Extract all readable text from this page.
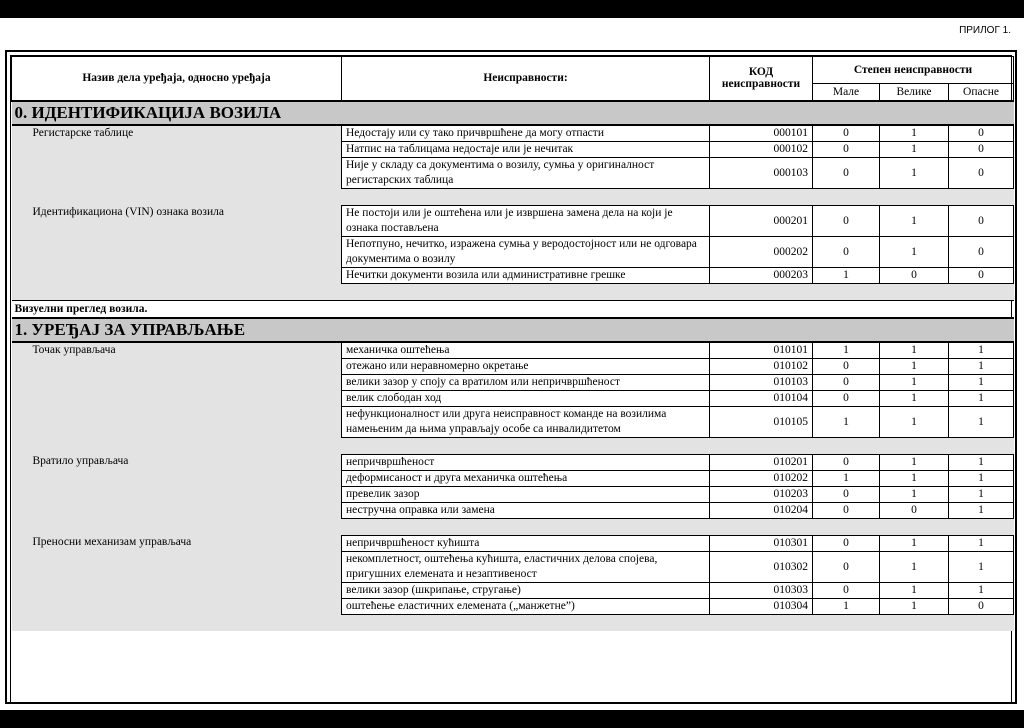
ПРИЛОГ 1.
Назив дела уређаја, односно уређаја	Неисправности:	КОД
неисправности	Степен неисправности		
			Мале	Велике	Опасне
0. ИДЕНТИФИКАЦИЈА ВОЗИЛА					
Регистарске таблице	Недостају или су тако причвршћене да могу отпасти	000101	0	1	0
	Натпис на таблицама недостаје или је нечитак	000102	0	1	0
	Није у складу са документима о возилу, сумња у оригиналност регистарских таблица	000103	0	1	0

Идентификациона (VIN) ознака возила	Не постоји или је оштећена или је извршена замена дела на који је ознака постављена	000201	0	1	0
	Непотпуно, нечитко, изражена сумња у веродостојност или не одговара документима о возилу	000202	0	1	0
	Нечитки документи возила или административне грешке	000203	1	0	0

Визуелни преглед возила.					
1. УРЕЂАЈ ЗА УПРАВЉАЊЕ					
Точак управљача	механичка оштећења	010101	1	1	1
	отежано или неравномерно окретање	010102	0	1	1
	велики зазор у споју са вратилом или непричвршћеност	010103	0	1	1
	велик слободан ход	010104	0	1	1
	нефункционалност или друга неисправност команде на возилима намењеним да њима управљају особе са инвалидитетом	010105	1	1	1

Вратило управљача	непричвршћеност	010201	0	1	1
	деформисаност и друга механичка оштећења	010202	1	1	1
	превелик зазор	010203	0	1	1
	нестручна оправка или замена	010204	0	0	1

Преносни механизам управљача	непричвршћеност кућишта	010301	0	1	1
	некомплетност, оштећења кућишта, еластичних делова спојева, пригушних елемената и незаптивеност	010302	0	1	1
	велики зазор (шкрипање, стругање)	010303	0	1	1
	оштећење еластичних елемената („манжетне”)	010304	1	1	0
